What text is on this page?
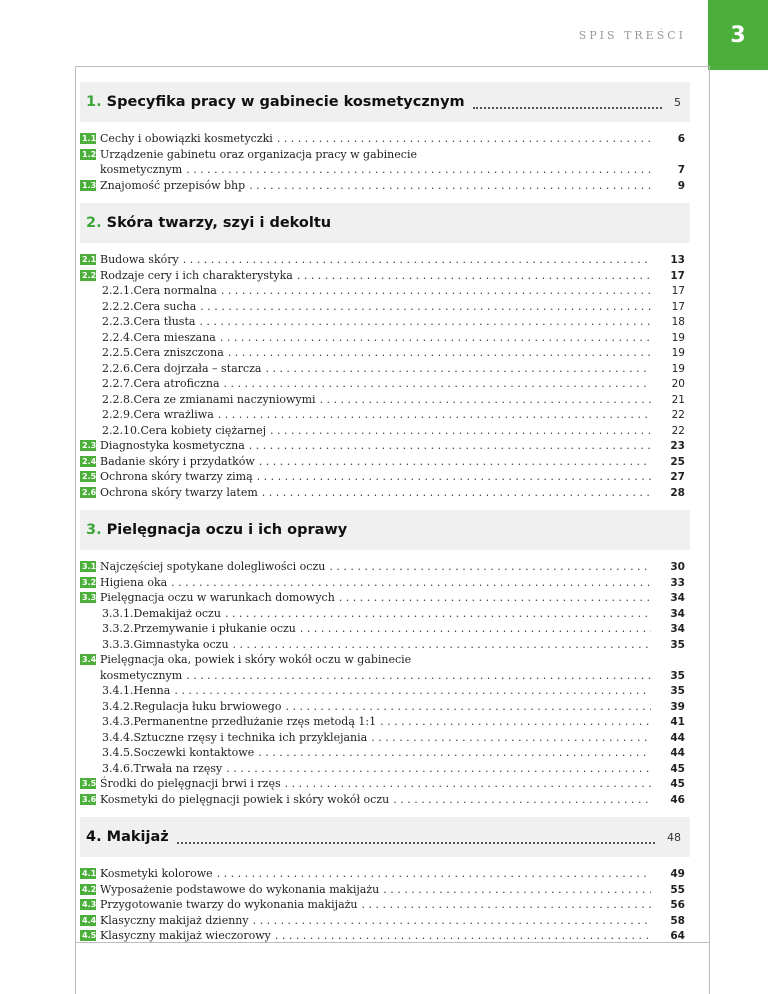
3
SPIS TREŚCI
1. Specyfika pracy w gabinecie kosmetycznym	5
1.1 Cechy i obowiązki kosmetyczki . . .	6
1.2 Urządzenie gabinetu oraz organizacja pracy w gabinecie
kosmetycznym . . .	7
1.3 Znajomość przepisów bhp . . .	9
2. Skóra twarzy, szyi i dekoltu
2.1 Budowa skóry . . .	13
2.2 Rodzaje cery i ich charakterystyka . . .	17
2.2.1.Cera normalna . . .	17
2.2.2.Cera sucha . . .	17
2.2.3.Cera tłusta . . .	18
2.2.4.Cera mieszana . . .	19
2.2.5.Cera zniszczona . . .	19
2.2.6.Cera dojrzała – starcza . . .	19
2.2.7.Cera atroficzna . . .	20
2.2.8.Cera ze zmianami naczyniowymi . . .	21
2.2.9.Cera wrażliwa . . .	22
2.2.10.Cera kobiety ciężarnej . . .	22
2.3 Diagnostyka kosmetyczna . . .	23
2.4 Badanie skóry i przydatków . . .	25
2.5 Ochrona skóry twarzy zimą . . .	27
2.6 Ochrona skóry twarzy latem . . .	28
3. Pielęgnacja oczu i ich oprawy
3.1 Najczęściej spotykane dolegliwości oczu . . .	30
3.2 Higiena oka . . .	33
3.3 Pielęgnacja oczu w warunkach domowych . . .	34
3.3.1.Demakijaż oczu . . .	34
3.3.2.Przemywanie i płukanie oczu . . .	34
3.3.3.Gimnastyka oczu . . .	35
3.4 Pielęgnacja oka, powiek i skóry wokół oczu w gabinecie
kosmetycznym . . .	35
3.4.1.Henna . . .	35
3.4.2.Regulacja łuku brwiowego . . .	39
3.4.3.Permanentne przedłużanie rzęs metodą 1:1 . . .	41
3.4.4.Sztuczne rzęsy i technika ich przyklejania . . .	44
3.4.5.Soczewki kontaktowe . . .	44
3.4.6.Trwała na rzęsy . . .	45
3.5 Środki do pielęgnacji brwi i rzęs . . .	45
3.6 Kosmetyki do pielęgnacji powiek i skóry wokół oczu . . .	46
4. Makijaż	48
4.1 Kosmetyki kolorowe . . .	49
4.2 Wyposażenie podstawowe do wykonania makijażu . . .	55
4.3 Przygotowanie twarzy do wykonania makijażu . . .	56
4.4 Klasyczny makijaż dzienny . . .	58
4.5 Klasyczny makijaż wieczorowy . . .	64
